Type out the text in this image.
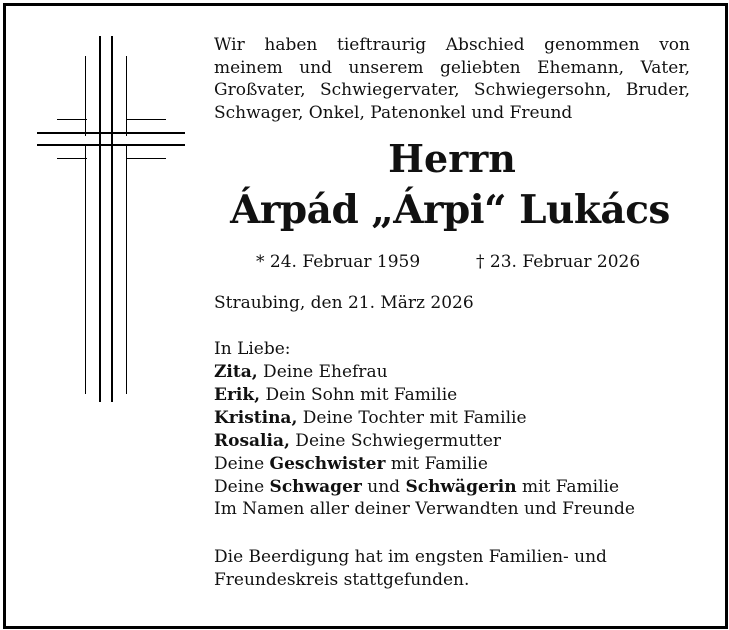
Wir haben tieftraurig Abschied genommen von meinem und unserem geliebten Ehemann, Vater, Großvater, Schwiegervater, Schwiegersohn, Bruder, Schwager, Onkel, Patenonkel und Freund
Herrn
Árpád „Árpi“ Lukács
* 24. Februar 1959	† 23. Februar 2026
Straubing, den 21. März 2026
In Liebe:
Zita, Deine Ehefrau
Erik, Dein Sohn mit Familie
Kristina, Deine Tochter mit Familie
Rosalia, Deine Schwiegermutter
Deine Geschwister mit Familie
Deine Schwager und Schwägerin mit Familie
Im Namen aller deiner Verwandten und Freunde
Die Beerdigung hat im engsten Familien- und Freundeskreis stattgefunden.
